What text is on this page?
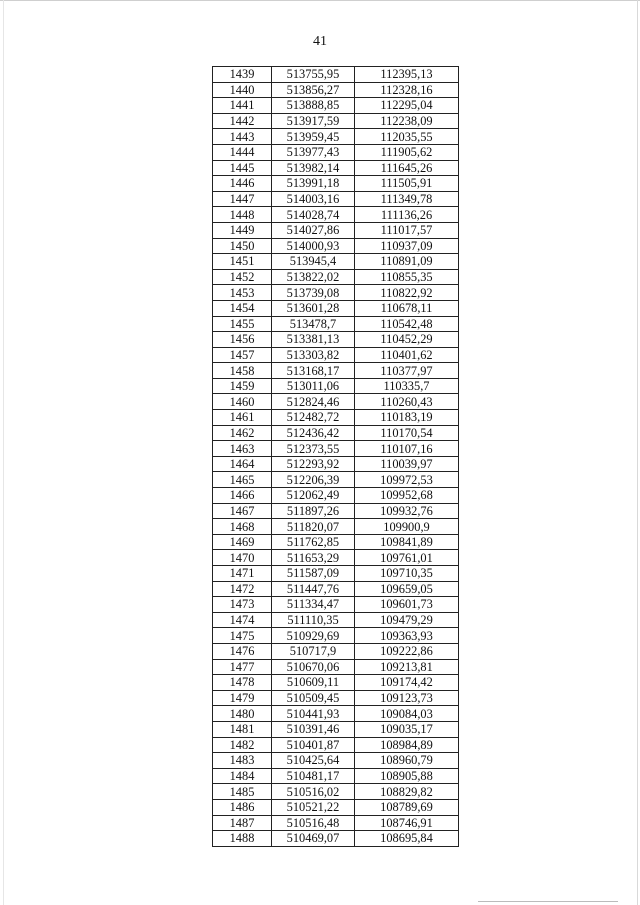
41
1439	513755,95	112395,13
1440	513856,27	112328,16
1441	513888,85	112295,04
1442	513917,59	112238,09
1443	513959,45	112035,55
1444	513977,43	111905,62
1445	513982,14	111645,26
1446	513991,18	111505,91
1447	514003,16	111349,78
1448	514028,74	111136,26
1449	514027,86	111017,57
1450	514000,93	110937,09
1451	513945,4	110891,09
1452	513822,02	110855,35
1453	513739,08	110822,92
1454	513601,28	110678,11
1455	513478,7	110542,48
1456	513381,13	110452,29
1457	513303,82	110401,62
1458	513168,17	110377,97
1459	513011,06	110335,7
1460	512824,46	110260,43
1461	512482,72	110183,19
1462	512436,42	110170,54
1463	512373,55	110107,16
1464	512293,92	110039,97
1465	512206,39	109972,53
1466	512062,49	109952,68
1467	511897,26	109932,76
1468	511820,07	109900,9
1469	511762,85	109841,89
1470	511653,29	109761,01
1471	511587,09	109710,35
1472	511447,76	109659,05
1473	511334,47	109601,73
1474	511110,35	109479,29
1475	510929,69	109363,93
1476	510717,9	109222,86
1477	510670,06	109213,81
1478	510609,11	109174,42
1479	510509,45	109123,73
1480	510441,93	109084,03
1481	510391,46	109035,17
1482	510401,87	108984,89
1483	510425,64	108960,79
1484	510481,17	108905,88
1485	510516,02	108829,82
1486	510521,22	108789,69
1487	510516,48	108746,91
1488	510469,07	108695,84
